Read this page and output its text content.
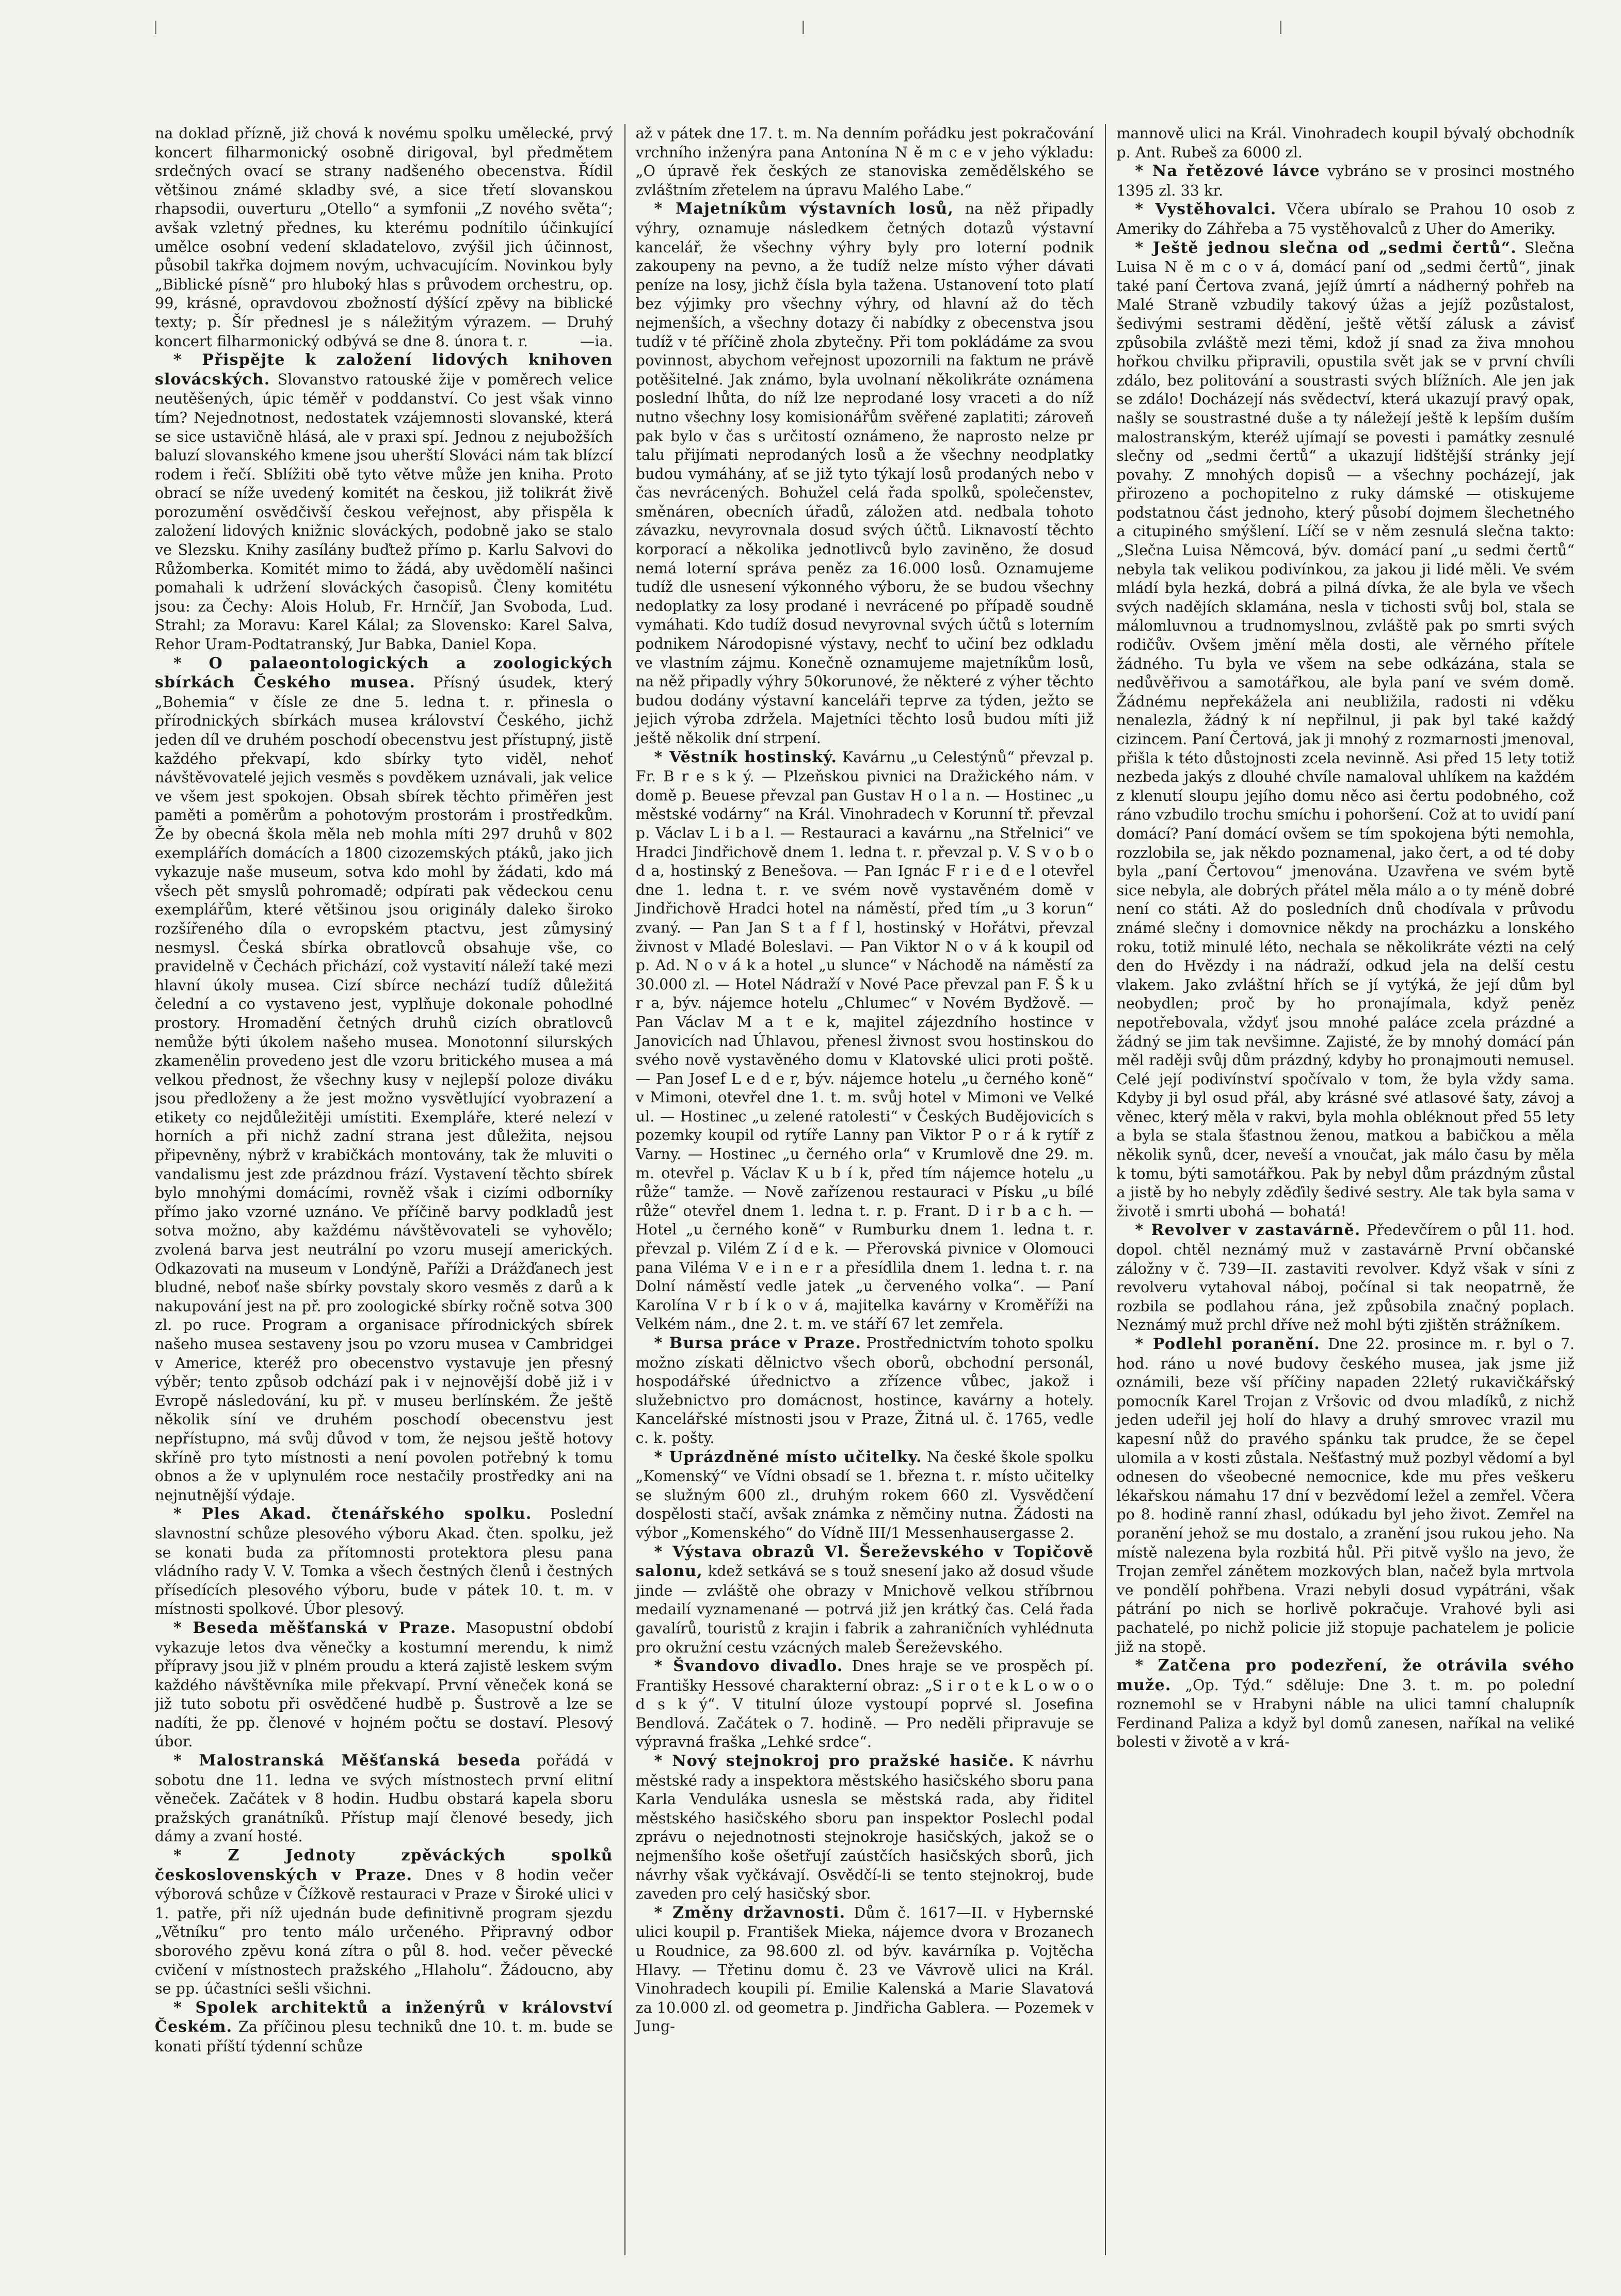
na doklad přízně, již chová k novému spolku umělecké, prvý koncert filharmonický osobně dirigoval, byl předmětem srdečných ovací se strany nadšeného obecenstva. Řídil většinou známé skladby své, a sice třetí slovanskou rhapsodii, ouverturu „Otello“ a symfonii „Z nového světa“; avšak vzletný přednes, ku kterému podnítilo účinkující umělce osobní vedení skladatelovo, zvýšil jich účinnost, působil takřka dojmem novým, uchvacujícím. Novinkou byly „Biblické písně“ pro hluboký hlas s průvodem orchestru, op. 99, krásné, opravdovou zbožností dýšící zpěvy na biblické texty; p. Šír přednesl je s náležitým výrazem. — Druhý koncert filharmonický odbývá se dne 8. února t. r.	—ia.

* Přispějte k založení lidových knihoven slovácských. Slovanstvo ratouské žije v poměrech velice neutěšených, úpic téměř v poddanství. Co jest však vinno tím? Nejednotnost, nedostatek vzájemnosti slovanské, která se sice ustavičně hlásá, ale v praxi spí. Jednou z nejubožších baluzí slovanského kmene jsou uherští Slováci nám tak blízcí rodem i řečí. Sblížiti obě tyto větve může jen kniha. Proto obrací se níže uvedený komitét na českou, již tolikrát živě porozumění osvědčivší českou veřejnost, aby přispěla k založení lidových knižnic slováckých, podobně jako se stalo ve Slezsku. Knihy zasílány buďtež přímo p. Karlu Salvovi do Růžomberka. Komitét mimo to žádá, aby uvědomělí našinci pomahali k udržení slováckých časopisů. Členy komitétu jsou: za Čechy: Alois Holub, Fr. Hrnčíř, Jan Svoboda, Lud. Strahl; za Moravu: Karel Kálal; za Slovensko: Karel Salva, Rehor Uram-Podtatranský, Jur Babka, Daniel Kopa.

* O palaeontologických a zoologických sbírkách Českého musea. Přísný úsudek, který „Bohemia“ v čísle ze dne 5. ledna t. r. přinesla o přírodnických sbírkách musea království Českého, jichž jeden díl ve druhém poschodí obecenstvu jest přístupný, jistě každého překvapí, kdo sbírky tyto viděl, nehoť návštěvovatelé jejich vesměs s povděkem uznávali, jak velice ve všem jest spokojen. Obsah sbírek těchto přiměřen jest paměti a poměrům a pohotovým prostorám i prostředkům. Že by obecná škola měla neb mohla míti 297 druhů v 802 exemplářích domácích a 1800 cizozemských ptáků, jako jich vykazuje naše museum, sotva kdo mohl by žádati, kdo má všech pět smyslů pohromadě; odpírati pak vědeckou cenu exemplářům, které většinou jsou originály daleko široko rozšířeného díla o evropském ptactvu, jest zůmysiný nesmysl. Česká sbírka obratlovců obsahuje vše, co pravidelně v Čechách přichází, což vystavití náleží také mezi hlavní úkoly musea. Cizí sbírce nechází tudíž důležitá čelední a co vystaveno jest, vyplňuje dokonale pohodlné prostory. Hromadění četných druhů cizích obratlovců nemůže býti úkolem našeho musea. Monotonní silurských zkamenělin provedeno jest dle vzoru britického musea a má velkou přednost, že všechny kusy v nejlepší poloze diváku jsou předloženy a že jest možno vysvětlující vyobrazení a etikety co nejdůležitěji umístiti. Exempláře, které nelezí v horních a při nichž zadní strana jest důležita, nejsou připevněny, nýbrž v krabičkách montovány, tak že mluviti o vandalismu jest zde prázdnou frází. Vystavení těchto sbírek bylo mnohými domácími, rovněž však i cizími odborníky přímo jako vzorné uznáno. Ve příčině barvy podkladů jest sotva možno, aby každému návštěvovateli se vyhovělo; zvolená barva jest neutrální po vzoru musejí amerických. Odkazovati na museum v Londýně, Paříži a Drážďanech jest bludné, neboť naše sbírky povstaly skoro vesměs z darů a k nakupování jest na př. pro zoologické sbírky ročně sotva 300 zl. po ruce. Program a organisace přírodnických sbírek našeho musea sestaveny jsou po vzoru musea v Cambridgei v Americe, kteréž pro obecenstvo vystavuje jen přesný výběr; tento způsob odchází pak i v nejnovější době již i v Evropě následování, ku př. v museu berlínském. Že ještě několik síní ve druhém poschodí obecenstvu jest nepřístupno, má svůj důvod v tom, že nejsou ještě hotovy skříně pro tyto místnosti a není povolen potřebný k tomu obnos a že v uplynulém roce nestačily prostředky ani na nejnutnější výdaje.

* Ples Akad. čtenářského spolku. Poslední slavnostní schůze plesového výboru Akad. čten. spolku, jež se konati buda za přítomnosti protektora plesu pana vládního rady V. V. Tomka a všech čestných členů i čestných přísedících plesového výboru, bude v pátek 10. t. m. v místnosti spolkové. Úbor plesový.

* Beseda měšťanská v Praze. Masopustní období vykazuje letos dva věnečky a kostumní merendu, k nimž přípravy jsou již v plném proudu a která zajistě leskem svým každého návštěvníka mile překvapí. První věneček koná se již tuto sobotu při osvědčené hudbě p. Šustrově a lze se nadíti, že pp. členové v hojném počtu se dostaví. Plesový úbor.

* Malostranská Měšťanská beseda pořádá v sobotu dne 11. ledna ve svých místnostech první elitní věneček. Začátek v 8 hodin. Hudbu obstará kapela sboru pražských granátníků. Přístup mají členové besedy, jich dámy a zvaní hosté.

* Z Jednoty zpěváckých spolků československých v Praze. Dnes v 8 hodin večer výborová schůze v Čížkově restauraci v Praze v Široké ulici v 1. patře, při níž ujednán bude definitivně program sjezdu „Větníku“ pro tento málo určeného. Připravný odbor sborového zpěvu koná zítra o půl 8. hod. večer pěvecké cvičení v místnostech pražského „Hlaholu“. Žádoucno, aby se pp. účastníci sešli všichni.

* Spolek architektů a inženýrů v království Českém. Za příčinou plesu techniků dne 10. t. m. bude se konati příští týdenní schůze

až v pátek dne 17. t. m. Na denním pořádku jest pokračování vrchního inženýra pana Antonína N ě m c e v jeho výkladu: „O úpravě řek českých ze stanoviska zemědělského se zvláštním zřetelem na úpravu Malého Labe.“

* Majetníkům výstavních losů, na něž připadly výhry, oznamuje následkem četných dotazů výstavní kancelář, že všechny výhry byly pro loterní podnik zakoupeny na pevno, a že tudíž nelze místo výher dávati peníze na losy, jichž čísla byla tažena. Ustanovení toto platí bez výjimky pro všechny výhry, od hlavní až do těch nejmenších, a všechny dotazy či nabídky z obecenstva jsou tudíž v té příčině zhola zbytečny. Při tom pokládáme za svou povinnost, abychom veřejnost upozornili na faktum ne právě potěšitelné. Jak známo, byla uvolnaní několikráte oznámena poslední lhůta, do níž lze neprodané losy vraceti a do níž nutno všechny losy komisionářům svěřené zaplatiti; zároveň pak bylo v čas s určitostí oznámeno, že naprosto nelze pr talu přijímati neprodaných losů a že všechny neodplatky budou vymáhány, ať se již tyto týkají losů prodaných nebo v čas nevrácených. Bohužel celá řada spolků, společenstev, směnáren, obecních úřadů, záložen atd. nedbala tohoto závazku, nevyrovnala dosud svých účtů. Liknavostí těchto korporací a několika jednotlivců bylo zaviněno, že dosud nemá loterní správa peněz za 16.000 losů. Oznamujeme tudíž dle usnesení výkonného výboru, že se budou všechny nedoplatky za losy prodané i nevrácené po případě soudně vymáhati. Kdo tudíž dosud nevyrovnal svých účtů s loterním podnikem Národopisné výstavy, nechť to učiní bez odkladu ve vlastním zájmu. Konečně oznamujeme majetníkům losů, na něž připadly výhry 50korunové, že některé z výher těchto budou dodány výstavní kanceláři teprve za týden, ježto se jejich výroba zdržela. Majetníci těchto losů budou míti již ještě několik dní strpení.

* Věstník hostinský. Kavárnu „u Celestýnů“ převzal p. Fr. B r e s k ý. — Plzeňskou pivnici na Dražického nám. v domě p. Beuese převzal pan Gustav H o l a n. — Hostinec „u městské vodárny“ na Král. Vinohradech v Korunní tř. převzal p. Václav L i b a l. — Restauraci a kavárnu „na Střelnici“ ve Hradci Jindřichově dnem 1. ledna t. r. převzal p. V. S v o b o d a, hostinský z Benešova. — Pan Ignác F r i e d e l otevřel dne 1. ledna t. r. ve svém nově vystavěném domě v Jindřichově Hradci hotel na náměstí, před tím „u 3 korun“ zvaný. — Pan Jan S t a f f l, hostinský v Hořátvi, převzal živnost v Mladé Boleslavi. — Pan Viktor N o v á k koupil od p. Ad. N o v á k a hotel „u slunce“ v Náchodě na náměstí za 30.000 zl. — Hotel Nádraží v Nové Pace převzal pan F. Š k u r a, býv. nájemce hotelu „Chlumec“ v Novém Bydžově. — Pan Václav M a t e k, majitel zájezdního hostince v Janovicích nad Úhlavou, přenesl živnost svou hostinskou do svého nově vystavěného domu v Klatovské ulici proti poště. — Pan Josef L e d e r, býv. nájemce hotelu „u černého koně“ v Mimoni, otevřel dne 1. t. m. svůj hotel v Mimoni ve Velké ul. — Hostinec „u zelené ratolesti“ v Českých Budějovicích s pozemky koupil od rytíře Lanny pan Viktor P o r á k rytíř z Varny. — Hostinec „u černého orla“ v Krumlově dne 29. m. m. otevřel p. Václav K u b í k, před tím nájemce hotelu „u růže“ tamže. — Nově zařízenou restauraci v Písku „u bílé růže“ otevřel dnem 1. ledna t. r. p. Frant. D i r b a c h. — Hotel „u černého koně“ v Rumburku dnem 1. ledna t. r. převzal p. Vilém Z í d e k. — Přerovská pivnice v Olomouci pana Viléma V e i n e r a přesídlila dnem 1. ledna t. r. na Dolní náměstí vedle jatek „u červeného volka“. — Paní Karolína V r b í k o v á, majitelka kavárny v Kroměříži na Velkém nám., dne 2. t. m. ve stáří 67 let zemřela.

* Bursa práce v Praze. Prostřednictvím tohoto spolku možno získati dělnictvo všech oborů, obchodní personál, hospodářské úřednictvo a zřízence vůbec, jakož i služebnictvo pro domácnost, hostince, kavárny a hotely. Kancelářské místnosti jsou v Praze, Žitná ul. č. 1765, vedle c. k. pošty.

* Uprázdněné místo učitelky. Na české škole spolku „Komenský“ ve Vídni obsadí se 1. března t. r. místo učitelky se služným 600 zl., druhým rokem 660 zl. Vysvědčení dospělosti stačí, avšak známka z němčiny nutna. Žádosti na výbor „Komenského“ do Vídně III/1 Messenhausergasse 2.

* Výstava obrazů Vl. Šereževského v Topičově salonu, kdež setkává se s touž snesení jako až dosud všude jinde — zvláště ohe obrazy v Mnichově velkou stříbrnou medailí vyznamenané — potrvá již jen krátký čas. Celá řada gavalírů, touristů z krajin i fabrik a zahraničních vyhlédnuta pro okružní cestu vzácných maleb Šereževského.

* Švandovo divadlo. Dnes hraje se ve prospěch pí. Františky Hessové charakterní obraz: „S i r o t e k L o w o o d s k ý“. V titulní úloze vystoupí poprvé sl. Josefina Bendlová. Začátek o 7. hodině. — Pro neděli připravuje se výpravná fraška „Lehké srdce“.

* Nový stejnokroj pro pražské hasiče. K návrhu městské rady a inspektora městského hasičského sboru pana Karla Venduláka usnesla se městská rada, aby řiditel městského hasičského sboru pan inspektor Poslechl podal zprávu o nejednotnosti stejnokroje hasičských, jakož se o nejmenšího koše ošetřují zaústčích hasičských sborů, jich návrhy však vyčkávají. Osvědčí-li se tento stejnokroj, bude zaveden pro celý hasičský sbor.

* Změny državnosti. Dům č. 1617—II. v Hybernské ulici koupil p. František Mieka, nájemce dvora v Brozanech u Roudnice, za 98.600 zl. od býv. kavárníka p. Vojtěcha Hlavy. — Třetinu domu č. 23 ve Vávrově ulici na Král. Vinohradech koupili pí. Emilie Kalenská a Marie Slavatová za 10.000 zl. od geometra p. Jindřicha Gablera. — Pozemek v Jung-

mannově ulici na Král. Vinohradech koupil bývalý obchodník p. Ant. Rubeš za 6000 zl.

* Na řetězové lávce vybráno se v prosinci mostného 1395 zl. 33 kr.

* Vystěhovalci. Včera ubíralo se Prahou 10 osob z Ameriky do Záhřeba a 75 vystěhovalců z Uher do Ameriky.

* Ještě jednou slečna od „sedmi čertů“. Slečna Luisa N ě m c o v á, domácí paní od „sedmi čertů“, jinak také paní Čertova zvaná, jejíž úmrtí a nádherný pohřeb na Malé Straně vzbudily takový úžas a jejíž pozůstalost, šedivými sestrami dědění, ještě větší zálusk a závisť způsobila zvláště mezi těmi, kdož jí snad za živa mnohou hořkou chvilku připravili, opustila svět jak se v první chvíli zdálo, bez politování a soustrasti svých blížních. Ale jen jak se zdálo! Docházejí nás svědectví, která ukazují pravý opak, našly se soustrastné duše a ty náležejí ještě k lepším duším malostranským, kteréž ujímají se povesti i památky zesnulé slečny od „sedmi čertů“ a ukazují lidštější stránky její povahy. Z mnohých dopisů — a všechny pocházejí, jak přirozeno a pochopitelno z ruky dámské — otiskujeme podstatnou část jednoho, který působí dojmem šlechetného a citupiného smýšlení. Líčí se v něm zesnulá slečna takto: „Slečna Luisa Němcová, býv. domácí paní „u sedmi čertů“ nebyla tak velikou podivínkou, za jakou ji lidé měli. Ve svém mládí byla hezká, dobrá a pilná dívka, že ale byla ve všech svých nadějích sklamána, nesla v tichosti svůj bol, stala se málomluvnou a trudnomyslnou, zvláště pak po smrti svých rodičův. Ovšem jmění měla dosti, ale věrného přítele žádného. Tu byla ve všem na sebe odkázána, stala se nedůvěřivou a samotářkou, ale byla paní ve svém domě. Žádnému nepřekážela ani neubližila, radosti ni vděku nenalezla, žádný k ní nepřilnul, ji pak byl také každý cizincem. Paní Čertová, jak ji mnohý z rozmarnosti jmenoval, přišla k této důstojnosti zcela nevinně. Asi před 15 lety totiž nezbeda jakýs z dlouhé chvíle namaloval uhlíkem na každém z klenutí sloupu jejího domu něco asi čertu podobného, což ráno vzbudilo trochu smíchu i pohoršení. Což at to uvidí paní domácí? Paní domácí ovšem se tím spokojena býti nemohla, rozzlobila se, jak někdo poznamenal, jako čert, a od té doby byla „paní Čertovou“ jmenována. Uzavřena ve svém bytě sice nebyla, ale dobrých přátel měla málo a o ty méně dobré není co státi. Až do posledních dnů chodívala v průvodu známé slečny i domovnice někdy na procházku a lonského roku, totiž minulé léto, nechala se několikráte vézti na celý den do Hvězdy i na nádraží, odkud jela na delší cestu vlakem. Jako zvláštní hřích se jí vytýká, že její dům byl neobydlen; proč by ho pronajímala, když peněz nepotřebovala, vždyť jsou mnohé paláce zcela prázdné a žádný se jim tak nevšimne. Zajisté, že by mnohý domácí pán měl raději svůj dům prázdný, kdyby ho pronajmouti nemusel. Celé její podivínství spočívalo v tom, že byla vždy sama. Kdyby ji byl osud přál, aby krásné své atlasové šaty, závoj a věnec, který měla v rakvi, byla mohla obléknout před 55 lety a byla se stala šťastnou ženou, matkou a babičkou a měla několik synů, dcer, neveší a vnoučat, jak málo času by měla k tomu, býti samotářkou. Pak by nebyl dům prázdným zůstal a jistě by ho nebyly zděďily šedivé sestry. Ale tak byla sama v životě i smrti ubohá — bohatá!

* Revolver v zastavárně. Předevčírem o půl 11. hod. dopol. chtěl neznámý muž v zastavárně První občanské záložny v č. 739—II. zastaviti revolver. Když však v síni z revolveru vytahoval náboj, počínal si tak neopatrně, že rozbila se podlahou rána, jež způsobila značný poplach. Neznámý muž prchl dříve než mohl býti zjištěn strážníkem.

* Podlehl poranění. Dne 22. prosince m. r. byl o 7. hod. ráno u nové budovy českého musea, jak jsme již oznámili, beze vší příčiny napaden 22letý rukavičkářský pomocník Karel Trojan z Vršovic od dvou mladíků, z nichž jeden udeřil jej holí do hlavy a druhý smrovec vrazil mu kapesní nůž do pravého spánku tak prudce, že se čepel ulomila a v kosti zůstala. Nešťastný muž pozbyl vědomí a byl odnesen do všeobecné nemocnice, kde mu přes veškeru lékařskou námahu 17 dní v bezvědomí ležel a zemřel. Včera po 8. hodině ranní zhasl, odúkadu byl jeho život. Zemřel na poranění jehož se mu dostalo, a zranění jsou rukou jeho. Na místě nalezena byla rozbitá hůl. Při pitvě vyšlo na jevo, že Trojan zemřel zánětem mozkových blan, načež byla mrtvola ve pondělí pohřbena. Vrazi nebyli dosud vypátráni, však pátrání po nich se horlivě pokračuje. Vrahové byli asi pachatelé, po nichž policie již stopuje pachatelem je policie již na stopě.

* Zatčena pro podezření, že otrávila svého muže. „Op. Týd.“ sděluje: Dne 3. t. m. po polední roznemohl se v Hrabyni náble na ulici tamní chalupník Ferdinand Paliza a když byl domů zanesen, naříkal na veliké bolesti v životě a v krá-
